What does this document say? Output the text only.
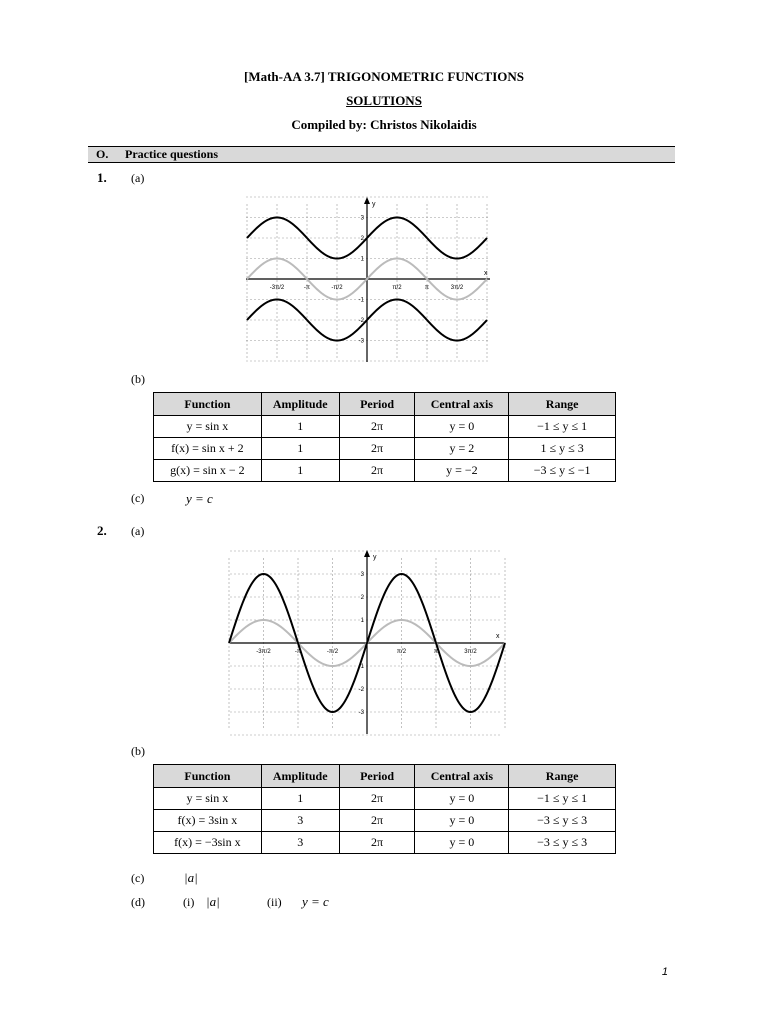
[Math-AA 3.7] TRIGONOMETRIC FUNCTIONS
SOLUTIONS
Compiled by: Christos Nikolaidis
O. Practice questions
1. (a)
y
x
-3π/2	-π	-π/2	π/2	π	3π/2
3
2
1
-1
-2
-3
(b)
Function	Amplitude	Period	Central axis	Range
y = sin x	1	2π	y = 0	−1 ≤ y ≤ 1
f(x) = sin x + 2	1	2π	y = 2	1 ≤ y ≤ 3
g(x) = sin x − 2	1	2π	y = −2	−3 ≤ y ≤ −1
(c)	y = c
2. (a)
y
x
-3π/2	-π	-π/2	π/2	π	3π/2
3
2
1
-1
-2
-3
(b)
Function	Amplitude	Period	Central axis	Range
y = sin x	1	2π	y = 0	−1 ≤ y ≤ 1
f(x) = 3sin x	3	2π	y = 0	−3 ≤ y ≤ 3
f(x) = −3sin x	3	2π	y = 0	−3 ≤ y ≤ 3
(c)	|a|
(d)	(i) |a|	(ii) y = c
1
